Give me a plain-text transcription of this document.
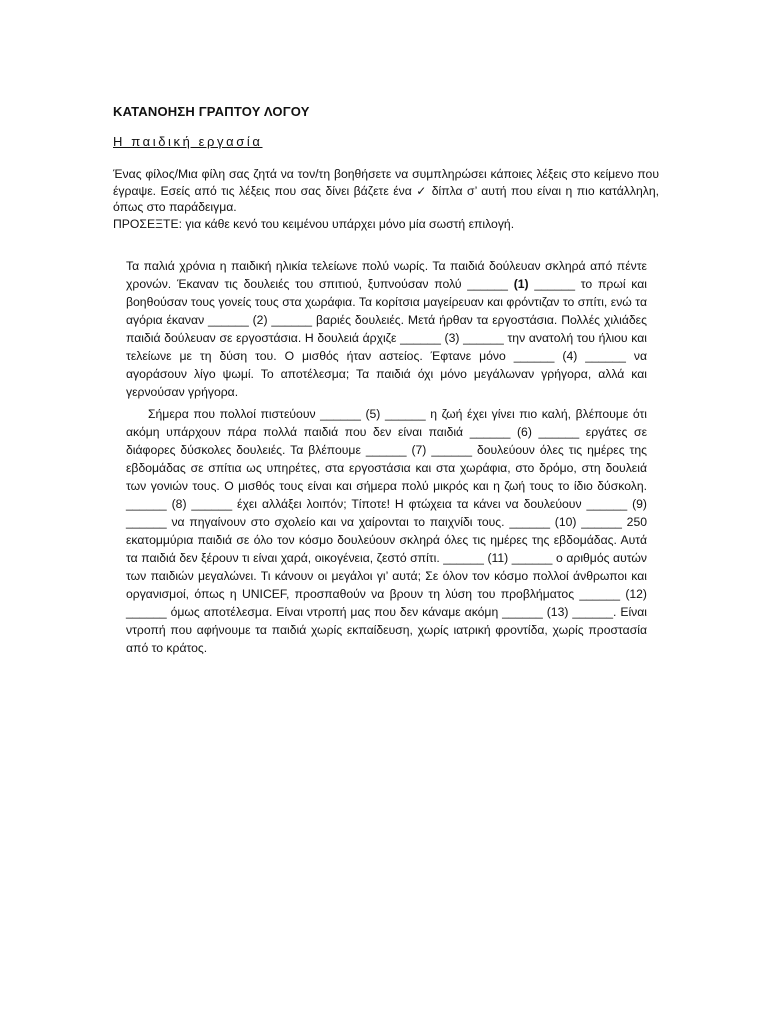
ΚΑΤΑΝΟΗΣΗ ΓΡΑΠΤΟΥ ΛΟΓΟΥ
Η παιδική εργασία

Ένας φίλος/Μια φίλη σας ζητά να τον/τη βοηθήσετε να συμπληρώσει κάποιες λέξεις στο κείμενο που έγραψε. Εσείς από τις λέξεις που σας δίνει βάζετε ένα ✓ δίπλα σ’ αυτή που είναι η πιο κατάλληλη, όπως στο παράδειγμα.

ΠΡΟΣΕΞΤΕ: για κάθε κενό του κειμένου υπάρχει μόνο μία σωστή επιλογή.

Τα παλιά χρόνια η παιδική ηλικία τελείωνε πολύ νωρίς. Τα παιδιά δούλευαν σκληρά από πέντε χρονών. Έκαναν τις δουλειές του σπιτιού, ξυπνούσαν πολύ ______ (1) ______ το πρωί και βοηθούσαν τους γονείς τους στα χωράφια. Τα κορίτσια μαγείρευαν και φρόντιζαν το σπίτι, ενώ τα αγόρια έκαναν ______ (2) ______ βαριές δουλειές. Μετά ήρθαν τα εργοστάσια. Πολλές χιλιάδες παιδιά δούλευαν σε εργοστάσια. Η δουλειά άρχιζε ______ (3) ______ την ανατολή του ήλιου και τελείωνε με τη δύση του. Ο μισθός ήταν αστείος. Έφτανε μόνο ______ (4) ______ να αγοράσουν λίγο ψωμί. Το αποτέλεσμα; Τα παιδιά όχι μόνο μεγάλωναν γρήγορα, αλλά και γερνούσαν γρήγορα.

Σήμερα που πολλοί πιστεύουν ______ (5) ______ η ζωή έχει γίνει πιο καλή, βλέπουμε ότι ακόμη υπάρχουν πάρα πολλά παιδιά που δεν είναι παιδιά ______ (6) ______ εργάτες σε διάφορες δύσκολες δουλειές. Τα βλέπουμε ______ (7) ______ δουλεύουν όλες τις ημέρες της εβδομάδας σε σπίτια ως υπηρέτες, στα εργοστάσια και στα χωράφια, στο δρόμο, στη δουλειά των γονιών τους. Ο μισθός τους είναι και σήμερα πολύ μικρός και η ζωή τους το ίδιο δύσκολη. ______ (8) ______ έχει αλλάξει λοιπόν; Τίποτε! Η φτώχεια τα κάνει να δουλεύουν ______ (9) ______ να πηγαίνουν στο σχολείο και να χαίρονται το παιχνίδι τους. ______ (10) ______ 250 εκατομμύρια παιδιά σε όλο τον κόσμο δουλεύουν σκληρά όλες τις ημέρες της εβδομάδας. Αυτά τα παιδιά δεν ξέρουν τι είναι χαρά, οικογένεια, ζεστό σπίτι. ______ (11) ______ ο αριθμός αυτών των παιδιών μεγαλώνει. Τι κάνουν οι μεγάλοι γι’ αυτά; Σε όλον τον κόσμο πολλοί άνθρωποι και οργανισμοί, όπως η UNICEF, προσπαθούν να βρουν τη λύση του προβλήματος ______ (12) ______ όμως αποτέλεσμα. Είναι ντροπή μας που δεν κάναμε ακόμη ______ (13) ______. Είναι ντροπή που αφήνουμε τα παιδιά χωρίς εκπαίδευση, χωρίς ιατρική φροντίδα, χωρίς προστασία από το κράτος.
